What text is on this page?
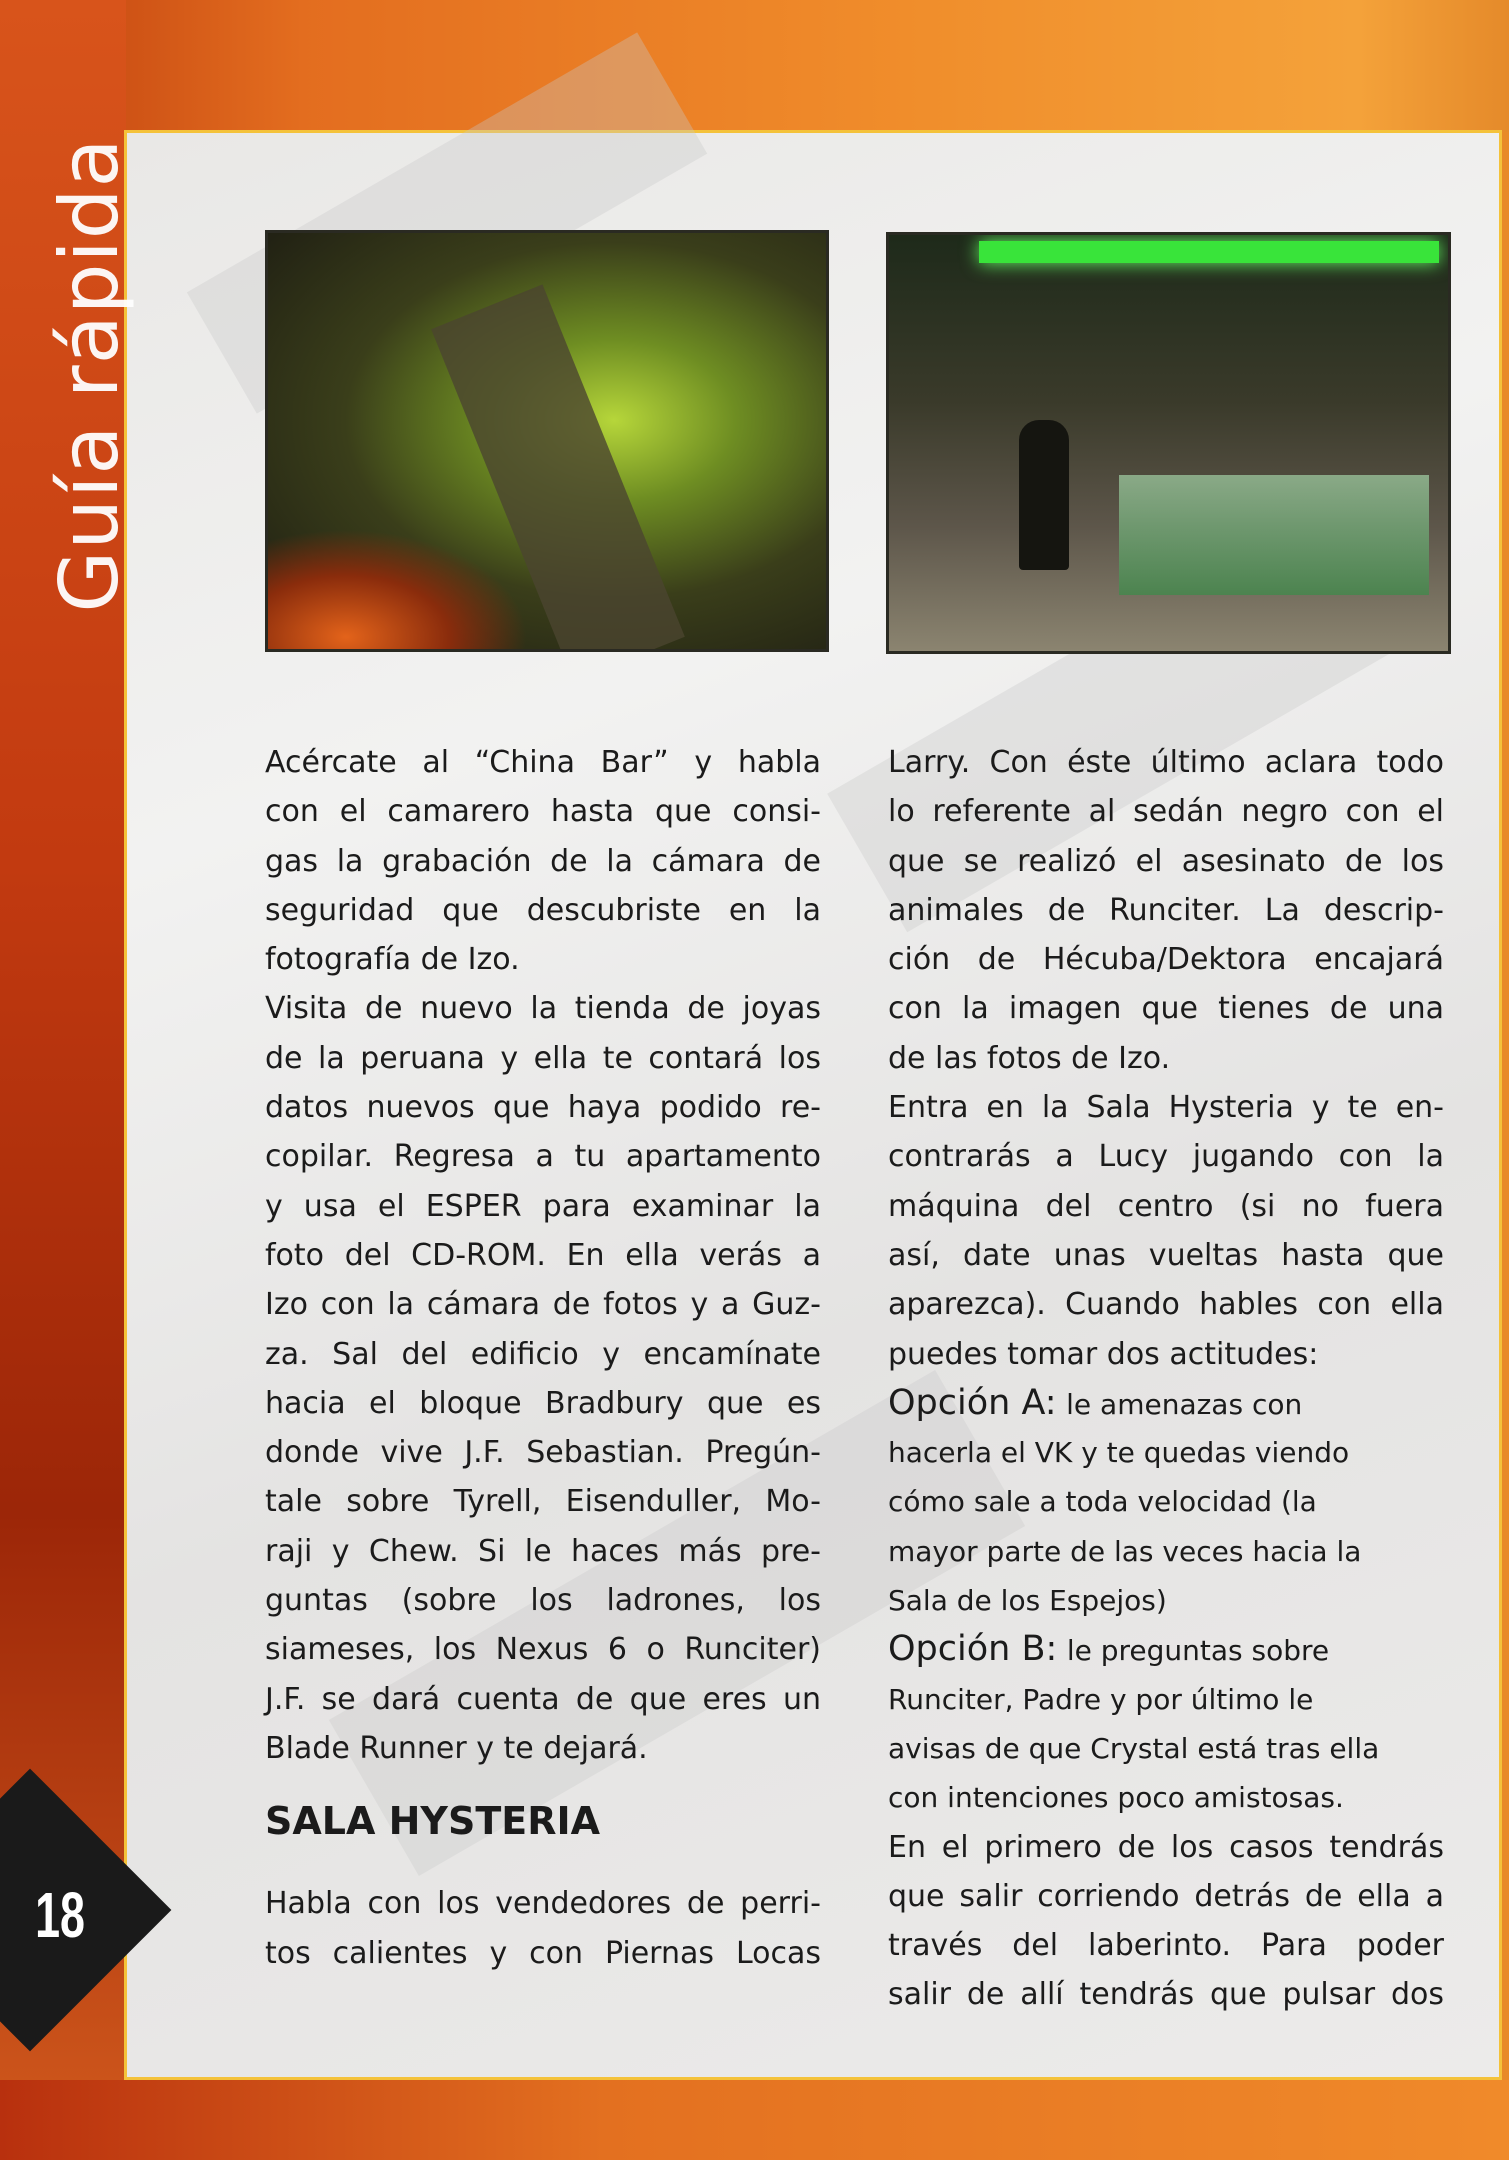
Guía rápida
Acércate al “China Bar” y habla
con el camarero hasta que consi-
gas la grabación de la cámara de
seguridad que descubriste en la
fotografía de Izo.
Visita de nuevo la tienda de joyas
de la peruana y ella te contará los
datos nuevos que haya podido re-
copilar. Regresa a tu apartamento
y usa el ESPER para examinar la
foto del CD-ROM. En ella verás a
Izo con la cámara de fotos y a Guz-
za. Sal del edificio y encamínate
hacia el bloque Bradbury que es
donde vive J.F. Sebastian. Pregún-
tale sobre Tyrell, Eisenduller, Mo-
raji y Chew. Si le haces más pre-
guntas (sobre los ladrones, los
siameses, los Nexus 6 o Runciter)
J.F. se dará cuenta de que eres un
Blade Runner y te dejará.
SALA HYSTERIA
Habla con los vendedores de perri-
tos calientes y con Piernas Locas
Larry. Con éste último aclara todo
lo referente al sedán negro con el
que se realizó el asesinato de los
animales de Runciter. La descrip-
ción de Hécuba/Dektora encajará
con la imagen que tienes de una
de las fotos de Izo.
Entra en la Sala Hysteria y te en-
contrarás a Lucy jugando con la
máquina del centro (si no fuera
así, date unas vueltas hasta que
aparezca). Cuando hables con ella
puedes tomar dos actitudes:
Opción A: le amenazas con
hacerla el VK y te quedas viendo
cómo sale a toda velocidad (la
mayor parte de las veces hacia la
Sala de los Espejos)
Opción B: le preguntas sobre
Runciter, Padre y por último le
avisas de que Crystal está tras ella
con intenciones poco amistosas.
En el primero de los casos tendrás
que salir corriendo detrás de ella a
través del laberinto. Para poder
salir de allí tendrás que pulsar dos
18
